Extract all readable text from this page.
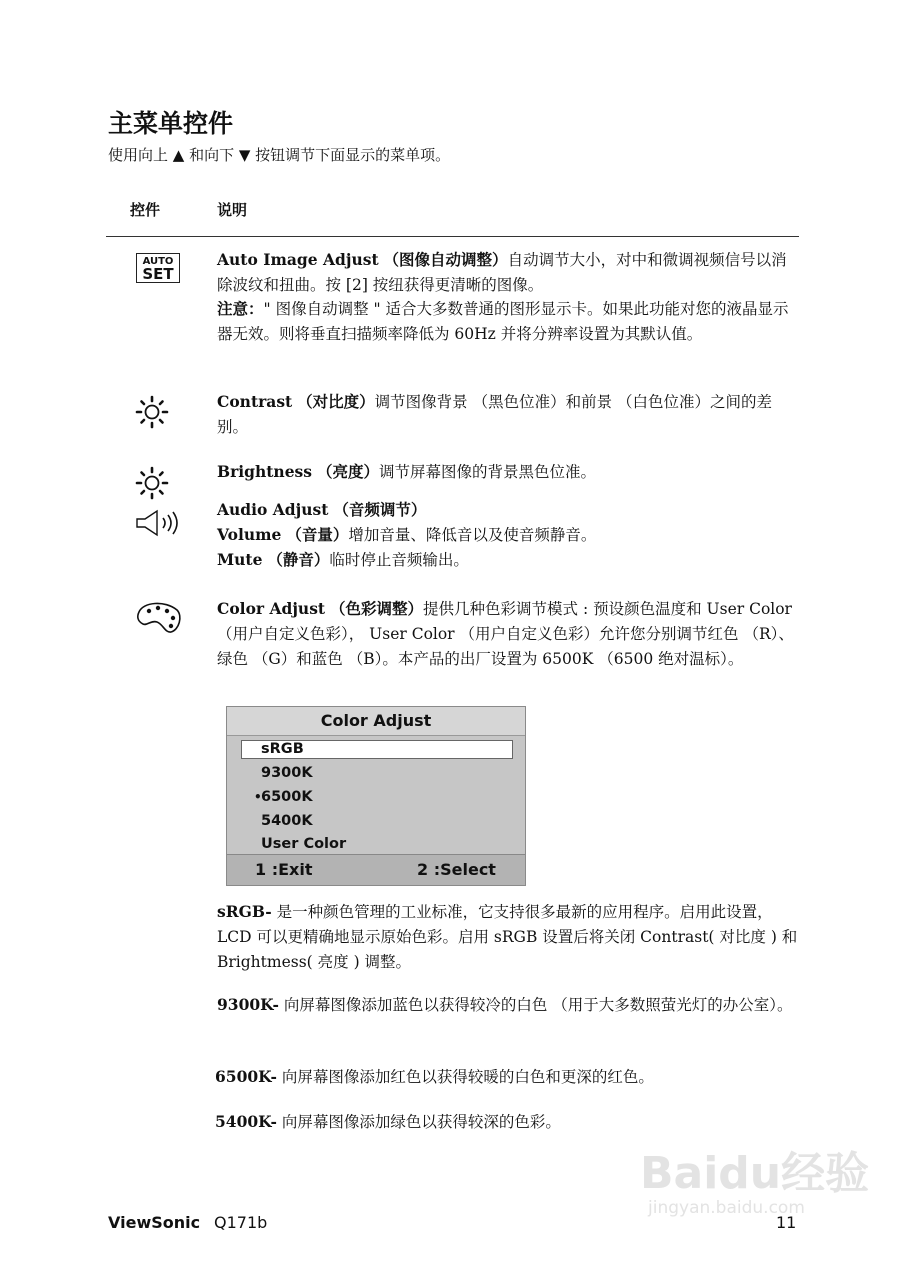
主菜单控件
使用向上 ▲ 和向下 ▼ 按钮调节下面显示的菜单项。
控件	说明
AUTO
SET
Auto Image Adjust （图像自动调整）自动调节大小，对中和微调视频信号以消除波纹和扭曲。按 [2] 按纽获得更清晰的图像。
注意：" 图像自动调整 " 适合大多数普通的图形显示卡。如果此功能对您的液晶显示器无效。则将垂直扫描频率降低为 60Hz 并将分辨率设置为其默认值。
Contrast （对比度）调节图像背景 （黑色位准）和前景 （白色位准）之间的差别。
Brightness （亮度）调节屏幕图像的背景黑色位准。
Audio Adjust （音频调节）
Volume （音量）增加音量、降低音以及使音频静音。
Mute （静音）临时停止音频输出。
Color Adjust （色彩调整）提供几种色彩调节模式 : 预设颜色温度和 User Color （用户自定义色彩）， User Color （用户自定义色彩）允许您分别调节红色 （R）、绿色 （G）和蓝色 （B）。本产品的出厂设置为 6500K （6500 绝对温标）。
Color Adjust
sRGB
9300K
• 6500K
5400K
User Color
1 :Exit	2 :Select
sRGB- 是一种颜色管理的工业标准，它支持很多最新的应用程序。启用此设置， LCD 可以更精确地显示原始色彩。启用 sRGB 设置后将关闭 Contrast( 对比度 ) 和 Brightmess( 亮度 ) 调整。
9300K- 向屏幕图像添加蓝色以获得较冷的白色 （用于大多数照萤光灯的办公室）。
6500K- 向屏幕图像添加红色以获得较暖的白色和更深的红色。
5400K- 向屏幕图像添加绿色以获得较深的色彩。
Baidu经验
jingyan.baidu.com
ViewSonic Q171b	11
